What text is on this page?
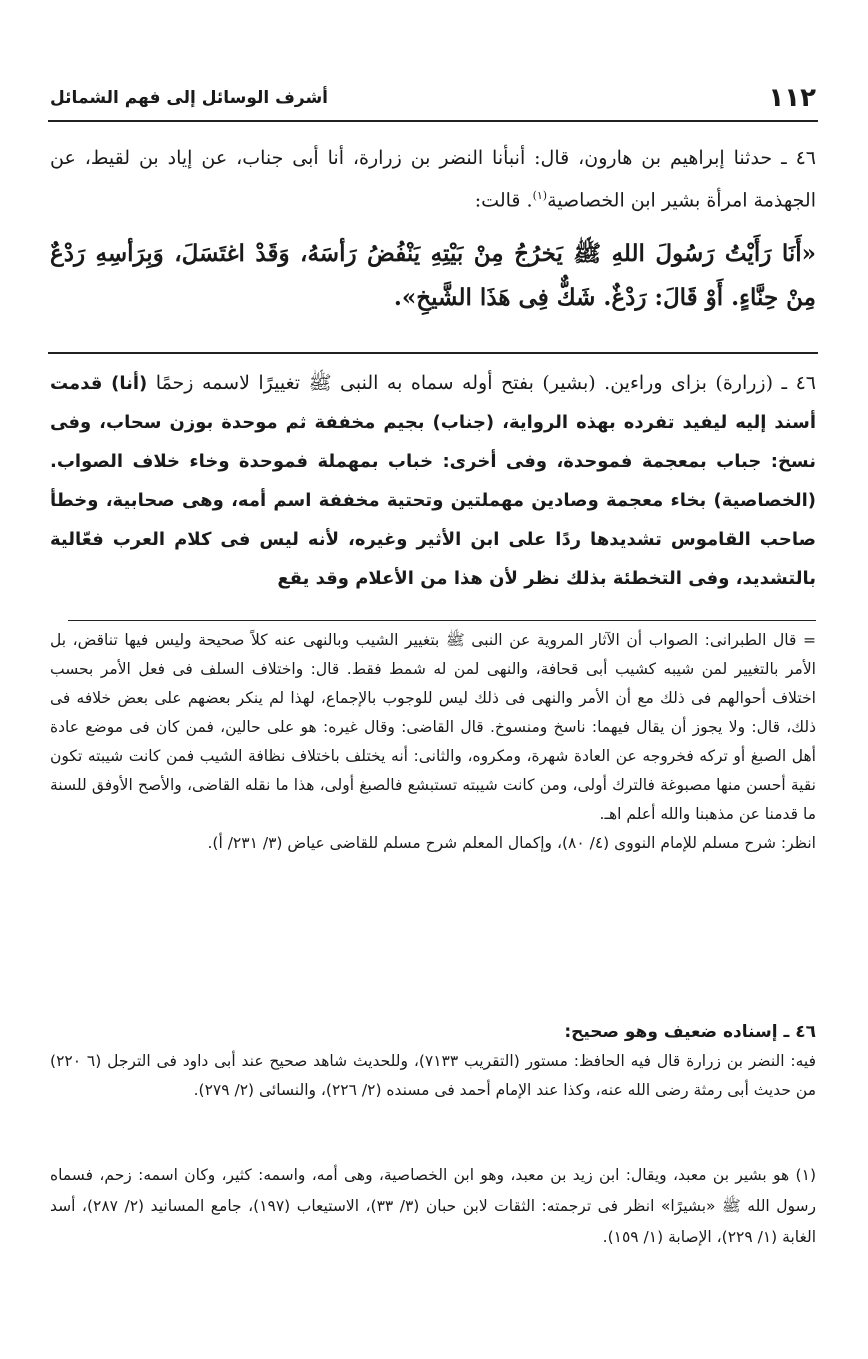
١١٢
أشرف الوسائل إلى فهم الشمائل
٤٦ ـ حدثنا إبراهيم بن هارون، قال: أنبأنا النضر بن زرارة، أنا أبى جناب، عن إياد بن لقيط، عن الجهذمة امرأة بشير ابن الخصاصية$^{(١)}$. قالت:
«أَنَا رَأَيْتُ رَسُولَ اللهِ ﷺ يَخرُجُ مِنْ بَيْتِهِ يَنْفُضُ رَأسَهُ، وَقَدْ اغتَسَلَ، وَبِرَأسِهِ رَدْعٌ مِنْ حِنَّاءٍ. أَوْ قَالَ: رَدْغٌ. شَكٌّ فِى هَذَا الشَّيخِ».
٤٦ ـ (زرارة) بزاى وراءين. (بشير) بفتح أوله سماه به النبى ﷺ تغييرًا لاسمه زحمًا (أنا) قدمت أسند إليه ليفيد تفرده بهذه الرواية، (جناب) بجيم مخففة ثم موحدة بوزن سحاب، وفى نسخ: جباب بمعجمة فموحدة، وفى أخرى: خباب بمهملة فموحدة وخاء خلاف الصواب. (الخصاصية) بخاء معجمة وصادين مهملتين وتحتية مخففة اسم أمه، وهى صحابية، وخطأ صاحب القاموس تشديدها ردًا على ابن الأثير وغيره، لأنه ليس فى كلام العرب فعّالية بالتشديد، وفى التخطئة بذلك نظر لأن هذا من الأعلام وقد يقع

= قال الطبرانى: الصواب أن الآثار المروية عن النبى ﷺ بتغيير الشيب وبالنهى عنه كلاً صحيحة وليس فيها تناقض، بل الأمر بالتغيير لمن شيبه كشيب أبى قحافة، والنهى لمن له شمط فقط. قال: واختلاف السلف فى فعل الأمر بحسب اختلاف أحوالهم فى ذلك مع أن الأمر والنهى فى ذلك ليس للوجوب بالإجماع، لهذا لم ينكر بعضهم على بعض خلافه فى ذلك، قال: ولا يجوز أن يقال فيهما: ناسخ ومنسوخ. قال القاضى: وقال غيره: هو على حالين، فمن كان فى موضع عادة أهل الصبغ أو تركه فخروجه عن العادة شهرة، ومكروه، والثانى: أنه يختلف باختلاف نظافة الشيب فمن كانت شيبته تكون نقية أحسن منها مصبوغة فالترك أولى، ومن كانت شيبته تستبشع فالصبغ أولى، هذا ما نقله القاضى، والأصح الأوفق للسنة ما قدمنا عن مذهبنا والله أعلم اهـ.

انظر: شرح مسلم للإمام النووى (٤/ ٨٠)، وإكمال المعلم شرح مسلم للقاضى عياض (٣/ ٢٣١/ أ).

٤٦ ـ إسناده ضعيف وهو صحيح:

فيه: النضر بن زرارة قال فيه الحافظ: مستور (التقريب ٧١٣٣)، وللحديث شاهد صحيح عند أبى داود فى الترجل (٦ ٢٢٠) من حديث أبى رمثة رضى الله عنه، وكذا عند الإمام أحمد فى مسنده (٢/ ٢٢٦)، والنسائى (٢/ ٢٧٩).

(١) هو بشير بن معبد، ويقال: ابن زيد بن معبد، وهو ابن الخصاصية، وهى أمه، واسمه: كثير، وكان اسمه: زحم، فسماه رسول الله ﷺ «بشيرًا» انظر فى ترجمته: الثقات لابن حبان (٣/ ٣٣)، الاستيعاب (١٩٧)، جامع المسانيد (٢/ ٢٨٧)، أسد الغابة (١/ ٢٢٩)، الإصابة (١/ ١٥٩).
